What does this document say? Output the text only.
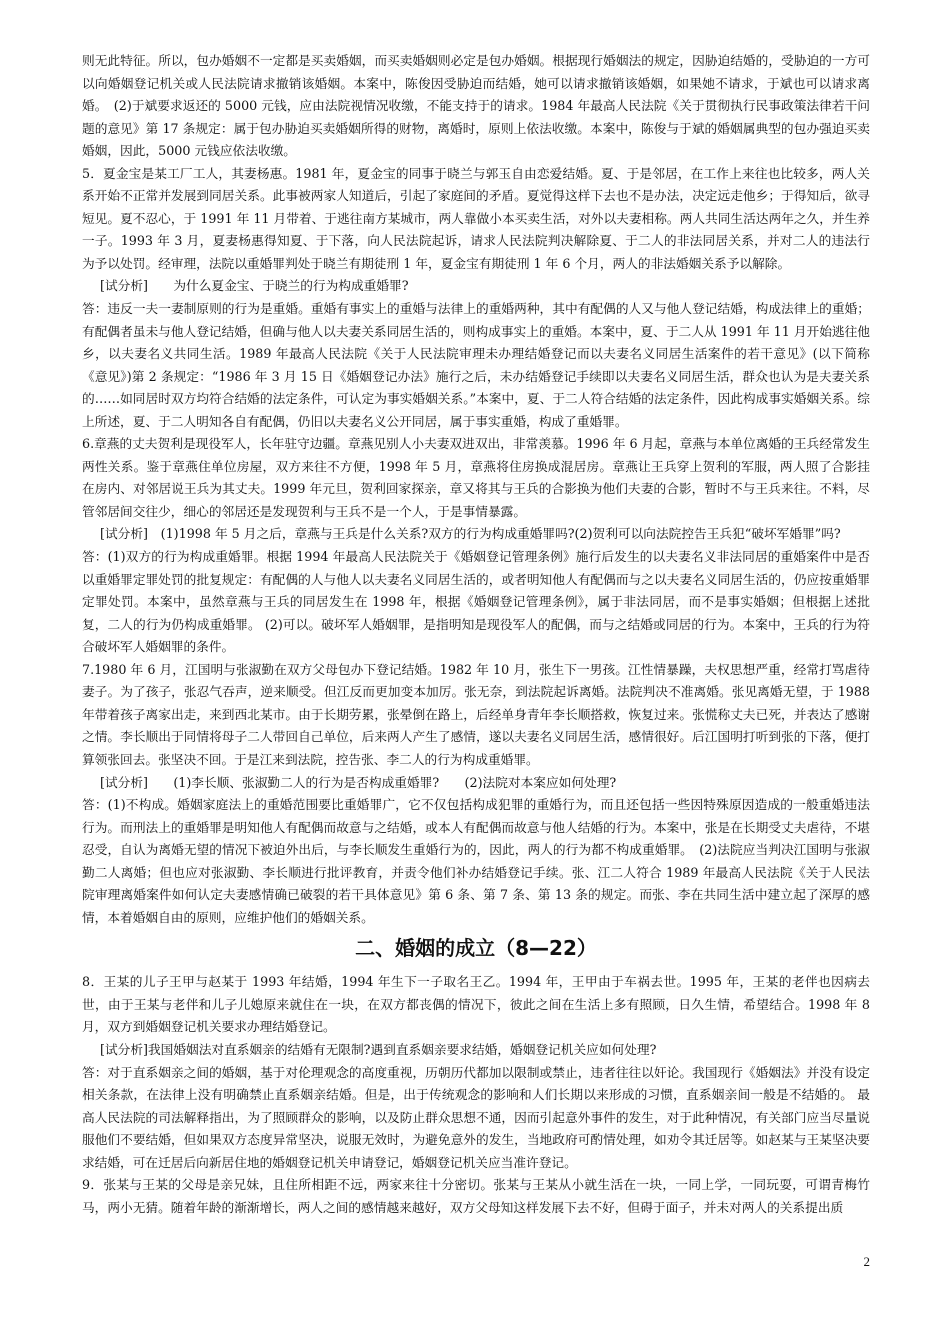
则无此特征。所以，包办婚姻不一定都是买卖婚姻，而买卖婚姻则必定是包办婚姻。根据现行婚姻法的规定，因胁迫结婚的，受胁迫的一方可以向婚姻登记机关或人民法院请求撤销该婚姻。本案中，陈俊因受胁迫而结婚，她可以请求撤销该婚姻，如果她不请求，于斌也可以请求离婚。　(2)于斌要求返还的 5000 元钱，应由法院视情况收缴，不能支持于的请求。1984 年最高人民法院《关于贯彻执行民事政策法律若干问题的意见》第 17 条规定：属于包办胁迫买卖婚姻所得的财物，离婚时，原则上依法收缴。本案中，陈俊与于斌的婚姻属典型的包办强迫买卖婚姻，因此，5000 元钱应依法收缴。

5．夏金宝是某工厂工人，其妻杨惠。1981 年，夏金宝的同事于晓兰与郭玉自由恋爱结婚。夏、于是邻居，在工作上来往也比较多，两人关系开始不正常并发展到同居关系。此事被两家人知道后，引起了家庭间的矛盾。夏觉得这样下去也不是办法，决定远走他乡；于得知后，欲寻短见。夏不忍心，于 1991 年 11 月带着、于逃往南方某城市，两人靠做小本买卖生活，对外以夫妻相称。两人共同生活达两年之久，并生养一子。1993 年 3 月，夏妻杨惠得知夏、于下落，向人民法院起诉，请求人民法院判决解除夏、于二人的非法同居关系，并对二人的违法行为予以处罚。经审理，法院以重婚罪判处于晓兰有期徒刑 1 年，夏金宝有期徒刑 1 年 6 个月，两人的非法婚姻关系予以解除。

[试分析]　　为什么夏金宝、于晓兰的行为构成重婚罪?

答：违反一夫一妻制原则的行为是重婚。重婚有事实上的重婚与法律上的重婚两种，其中有配偶的人又与他人登记结婚，构成法律上的重婚；有配偶者虽未与他人登记结婚，但确与他人以夫妻关系同居生活的，则构成事实上的重婚。本案中，夏、于二人从 1991 年 11 月开始逃往他乡，以夫妻名义共同生活。1989 年最高人民法院《关于人民法院审理未办理结婚登记而以夫妻名义同居生活案件的若干意见》(以下简称《意见》)第 2 条规定：“1986 年 3 月 15 日《婚姻登记办法》施行之后，未办结婚登记手续即以夫妻名义同居生活，群众也认为是夫妻关系的……如同居时双方均符合结婚的法定条件，可认定为事实婚姻关系。”本案中，夏、于二人符合结婚的法定条件，因此构成事实婚姻关系。综上所述，夏、于二人明知各自有配偶，仍旧以夫妻名义公开同居，属于事实重婚，构成了重婚罪。

6.章燕的丈夫贺利是现役军人，长年驻守边疆。章燕见别人小夫妻双进双出，非常羡慕。1996 年 6 月起，章燕与本单位离婚的王兵经常发生两性关系。鉴于章燕住单位房屋，双方来往不方便，1998 年 5 月，章燕将住房换成混居房。章燕让王兵穿上贺利的军服，两人照了合影挂在房内、对邻居说王兵为其丈夫。1999 年元旦，贺利回家探亲，章又将其与王兵的合影换为他们夫妻的合影，暂时不与王兵来往。不料，尽管邻居间交往少，细心的邻居还是发现贺利与王兵不是一个人，于是事情暴露。

[试分析]　(1)1998 年 5 月之后，章燕与王兵是什么关系?双方的行为构成重婚罪吗?(2)贺利可以向法院控告王兵犯“破坏军婚罪”吗?

答：(1)双方的行为构成重婚罪。根据 1994 年最高人民法院关于《婚姻登记管理条例》施行后发生的以夫妻名义非法同居的重婚案件中是否以重婚罪定罪处罚的批复规定：有配偶的人与他人以夫妻名义同居生活的，或者明知他人有配偶而与之以夫妻名义同居生活的，仍应按重婚罪定罪处罚。本案中，虽然章燕与王兵的同居发生在 1998 年，根据《婚姻登记管理条例》，属于非法同居，而不是事实婚姻；但根据上述批复，二人的行为仍构成重婚罪。 (2)可以。破坏军人婚姻罪，是指明知是现役军人的配偶，而与之结婚或同居的行为。本案中，王兵的行为符合破坏军人婚姻罪的条件。

7.1980 年 6 月，江国明与张淑勤在双方父母包办下登记结婚。1982 年 10 月，张生下一男孩。江性情暴躁，夫权思想严重，经常打骂虐待妻子。为了孩子，张忍气吞声，逆来顺受。但江反而更加变本加厉。张无奈，到法院起诉离婚。法院判决不准离婚。张见离婚无望，于 1988 年带着孩子离家出走，来到西北某市。由于长期劳累，张晕倒在路上，后经单身青年李长顺搭救，恢复过来。张慌称丈夫已死，并表达了感谢之情。李长顺出于同情将母子二人带回自己单位，后来两人产生了感情，遂以夫妻名义同居生活，感情很好。后江国明打听到张的下落，便打算领张回去。张坚决不回。于是江来到法院，控告张、李二人的行为构成重婚罪。

[试分析]　　(1)李长顺、张淑勤二人的行为是否构成重婚罪?　　(2)法院对本案应如何处理?

答：(1)不构成。婚姻家庭法上的重婚范围要比重婚罪广，它不仅包括构成犯罪的重婚行为，而且还包括一些因特殊原因造成的一般重婚违法行为。而刑法上的重婚罪是明知他人有配偶而故意与之结婚，或本人有配偶而故意与他人结婚的行为。本案中，张是在长期受丈夫虐待，不堪忍受，自认为离婚无望的情况下被迫外出后，与李长顺发生重婚行为的，因此，两人的行为都不构成重婚罪。　(2)法院应当判决江国明与张淑勤二人离婚；但也应对张淑勤、李长顺进行批评教育，并责令他们补办结婚登记手续。张、江二人符合 1989 年最高人民法院《关于人民法院审理离婚案件如何认定夫妻感情确已破裂的若干具体意见》第 6 条、第 7 条、第 13 条的规定。而张、李在共同生活中建立起了深厚的感情，本着婚姻自由的原则，应维护他们的婚姻关系。

二、婚姻的成立（8—22）

8．王某的儿子王甲与赵某于 1993 年结婚，1994 年生下一子取名王乙。1994 年，王甲由于车祸去世。1995 年，王某的老伴也因病去世，由于王某与老伴和儿子儿媳原来就住在一块，在双方都丧偶的情况下，彼此之间在生活上多有照顾，日久生情，希望结合。1998 年 8 月，双方到婚姻登记机关要求办理结婚登记。

[试分析]我国婚姻法对直系姻亲的结婚有无限制?遇到直系姻亲要求结婚，婚姻登记机关应如何处理?

答：对于直系姻亲之间的婚姻，基于对伦理观念的高度重视，历朝历代都加以限制或禁止，违者往往以奸论。我国现行《婚姻法》并没有设定相关条款，在法律上没有明确禁止直系姻亲结婚。但是，出于传统观念的影响和人们长期以来形成的习惯，直系姻亲间一般是不结婚的。 最高人民法院的司法解释指出，为了照顾群众的影响，以及防止群众思想不通，因而引起意外事件的发生，对于此种情况，有关部门应当尽量说服他们不要结婚，但如果双方态度异常坚决，说服无效时，为避免意外的发生，当地政府可酌情处理，如劝令其迁居等。如赵某与王某坚决要求结婚，可在迁居后向新居住地的婚姻登记机关申请登记，婚姻登记机关应当准许登记。

9．张某与王某的父母是亲兄妹，且住所相距不远，两家来往十分密切。张某与王某从小就生活在一块，一同上学，一同玩耍，可谓青梅竹马，两小无猜。随着年龄的渐渐增长，两人之间的感情越来越好，双方父母知这样发展下去不好，但碍于面子，并未对两人的关系提出质

2
